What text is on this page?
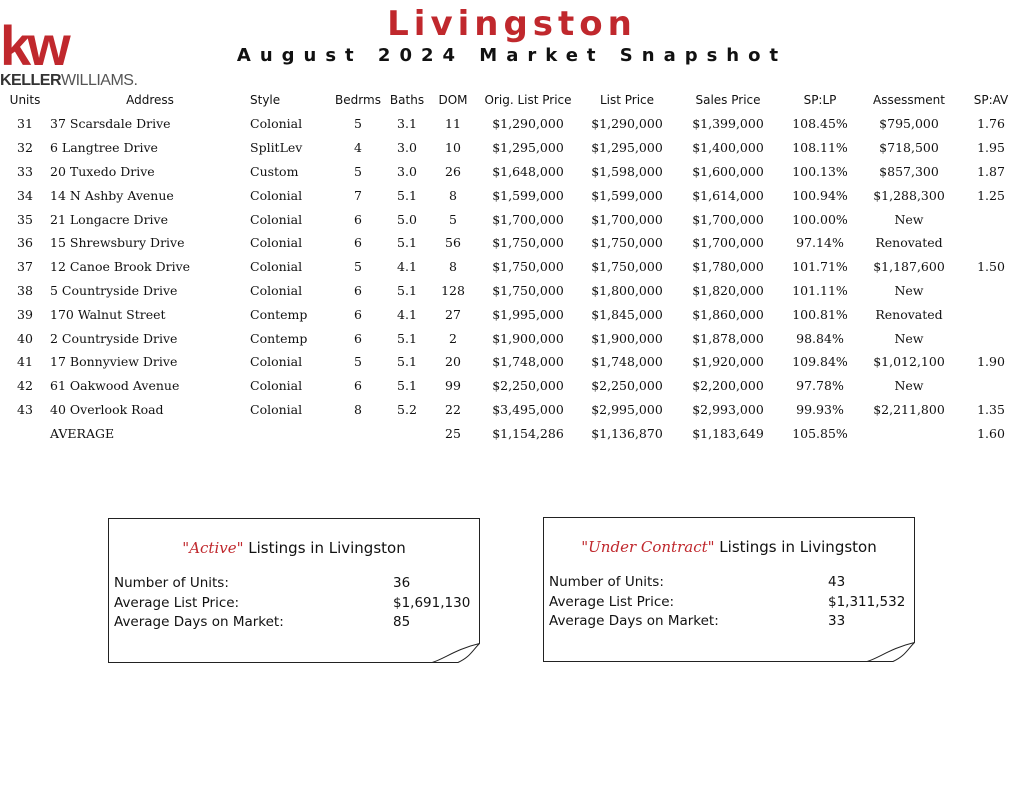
kw
KELLERWILLIAMS.
Livingston
August 2024 Market Snapshot
Units	Address	Style	Bedrms	Baths	DOM	Orig. List Price	List Price	Sales Price	SP:LP	Assessment	SP:AV
31	37 Scarsdale Drive	Colonial	5	3.1	11	$1,290,000	$1,290,000	$1,399,000	108.45%	$795,000	1.76
32	6 Langtree Drive	SplitLev	4	3.0	10	$1,295,000	$1,295,000	$1,400,000	108.11%	$718,500	1.95
33	20 Tuxedo Drive	Custom	5	3.0	26	$1,648,000	$1,598,000	$1,600,000	100.13%	$857,300	1.87
34	14 N Ashby Avenue	Colonial	7	5.1	8	$1,599,000	$1,599,000	$1,614,000	100.94%	$1,288,300	1.25
35	21 Longacre Drive	Colonial	6	5.0	5	$1,700,000	$1,700,000	$1,700,000	100.00%	New	
36	15 Shrewsbury Drive	Colonial	6	5.1	56	$1,750,000	$1,750,000	$1,700,000	97.14%	Renovated	
37	12 Canoe Brook Drive	Colonial	5	4.1	8	$1,750,000	$1,750,000	$1,780,000	101.71%	$1,187,600	1.50
38	5 Countryside Drive	Colonial	6	5.1	128	$1,750,000	$1,800,000	$1,820,000	101.11%	New	
39	170 Walnut Street	Contemp	6	4.1	27	$1,995,000	$1,845,000	$1,860,000	100.81%	Renovated	
40	2 Countryside Drive	Contemp	6	5.1	2	$1,900,000	$1,900,000	$1,878,000	98.84%	New	
41	17 Bonnyview Drive	Colonial	5	5.1	20	$1,748,000	$1,748,000	$1,920,000	109.84%	$1,012,100	1.90
42	61 Oakwood Avenue	Colonial	6	5.1	99	$2,250,000	$2,250,000	$2,200,000	97.78%	New	
43	40 Overlook Road	Colonial	8	5.2	22	$3,495,000	$2,995,000	$2,993,000	99.93%	$2,211,800	1.35
	AVERAGE				25	$1,154,286	$1,136,870	$1,183,649	105.85%		1.60
"Active" Listings in Livingston
Number of Units:	36
Average List Price:	$1,691,130
Average Days on Market:	85
"Under Contract" Listings in Livingston
Number of Units:	43
Average List Price:	$1,311,532
Average Days on Market:	33
